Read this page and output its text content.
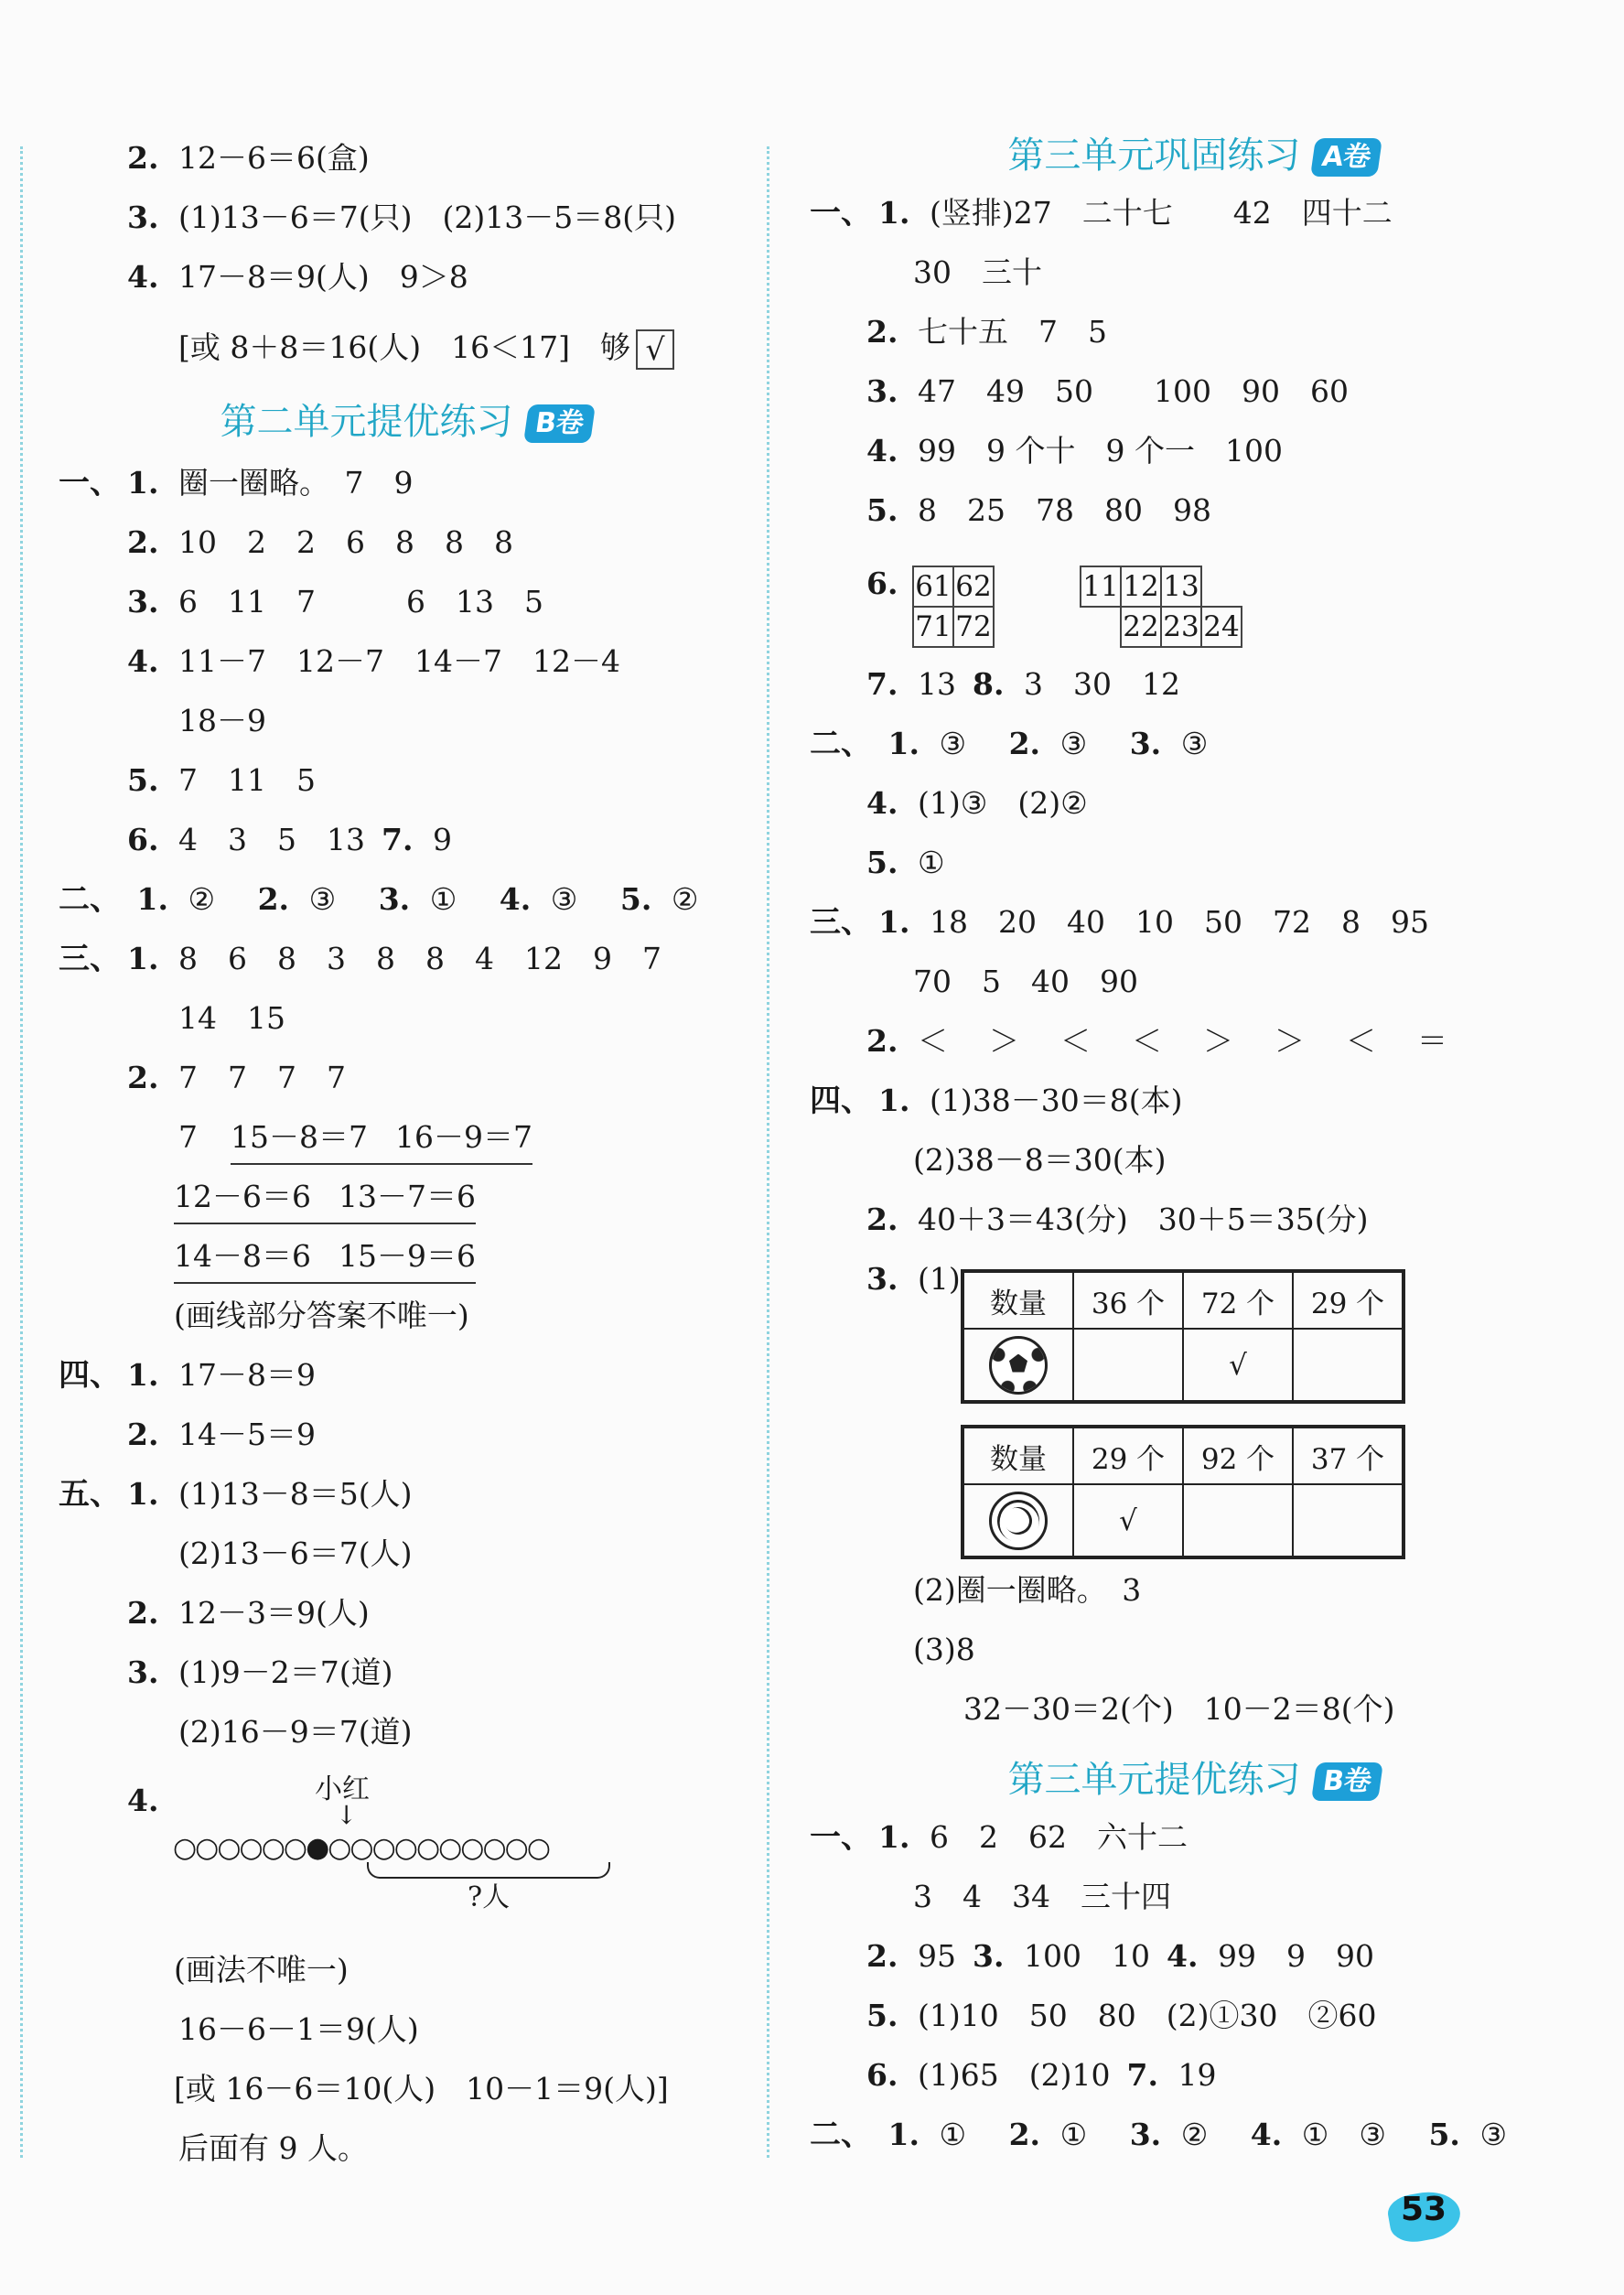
2. 12－6＝6(盒)
3. (1)13－6＝7(只)　(2)13－5＝8(只)
4. 17－8＝9(人)　9＞8
[或 8＋8＝16(人)　16＜17]　够 √
第二单元提优练习 B卷
一、 1. 圈一圈略。　7　9
2. 10　2　2　6　8　8　8
3. 6　11　7　　　6　13　5
4. 11－7　12－7　14－7　12－4
18－9
5. 7　11　5
6. 4　3　5　13 7. 9
二、 1. ② 2. ③ 3. ① 4. ③ 5. ②
三、 1. 8　6　8　3　8　8　4　12　9　7
14　15
2. 7　7　7　7
7 15－8＝7 16－9＝7
12－6＝6 13－7＝6
14－8＝6 15－9＝6
(画线部分答案不唯一)
四、 1. 17－8＝9
2. 14－5＝9
五、 1. (1)13－8＝5(人)
(2)13－6＝7(人)
2. 12－3＝9(人)
3. (1)9－2＝7(道)
(2)16－9＝7(道)
4.	小红
↓
○○○○○○●○○○○○○○○○○
?人
(画法不唯一)
16－6－1＝9(人)
[或 16－6＝10(人)　10－1＝9(人)]
后面有 9 人。
第三单元巩固练习 A卷
一、 1. (竖排)27　二十七　　42　四十二
30　三十
2. 七十五　7　5
3. 47　49　50　　100　90　60
4. 99　9 个十　9 个一　100
5. 8　25　78　80　98
6. 61	62
71	72
11	12	13	
	22	23	24
7. 13 8. 3　30　12
二、 1. ③ 2. ③ 3. ③
4. (1)③　(2)②
5. ①
三、 1. 18　20　40　10　50　72　8　95
70　5　40　90
2. ＜　＞　＜　＜　＞　＞　＜　＝
四、 1. (1)38－30＝8(本)
(2)38－8＝30(本)
2. 40＋3＝43(分)　30＋5＝35(分)
3. (1)
数量	36 个	72 个	29 个
		√	
数量	29 个	92 个	37 个
	√		
(2)圈一圈略。　3
(3)8
32－30＝2(个)　10－2＝8(个)
第三单元提优练习 B卷
一、 1. 6　2　62　六十二
3　4　34　三十四
2. 95 3. 100　10 4. 99　9　90
5. (1)10　50　80　(2)①30　②60
6. (1)65　(2)10 7. 19
二、 1. ① 2. ① 3. ② 4. ①　③ 5. ③
53
